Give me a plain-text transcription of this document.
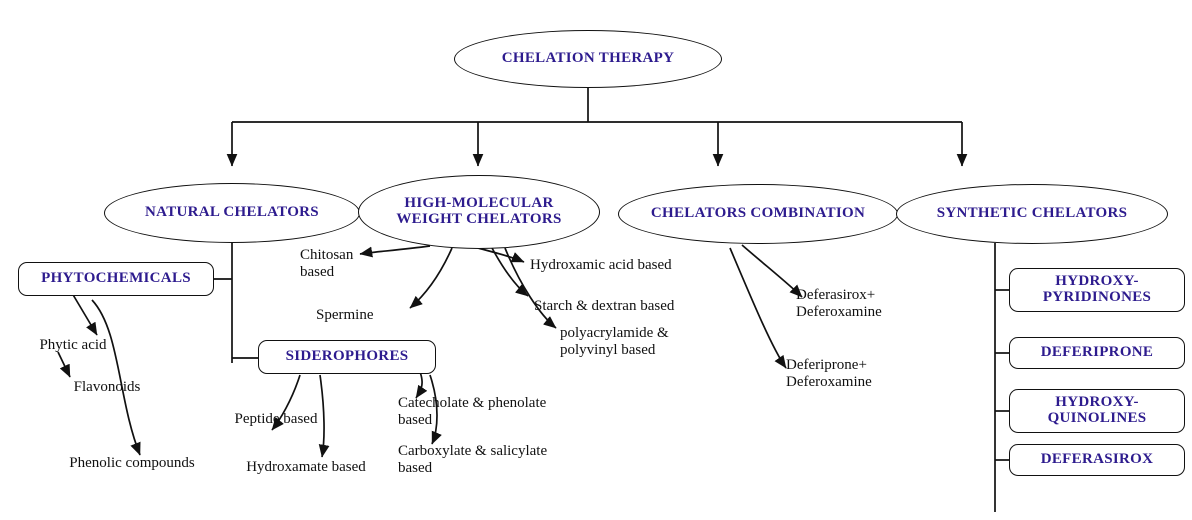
CHELATION THERAPY
NATURAL CHELATORS
HIGH-MOLECULAR WEIGHT CHELATORS	CHELATORS COMBINATION	SYNTHETIC CHELATORS
PHYTOCHEMICALS
SIDEROPHORES
Phytic acid
Flavonoids
Phenolic compounds
Peptide based
Hydroxamate based
Catecholate & phenolate based
Carboxylate & salicylate based
Chitosan based
Spermine
Hydroxamic acid based
Starch & dextran based
polyacrylamide & polyvinyl based
Deferasirox+ Deferoxamine
Deferiprone+ Deferoxamine
HYDROXY- PYRIDINONES
DEFERIPRONE
HYDROXY- QUINOLINES
DEFERASIROX
